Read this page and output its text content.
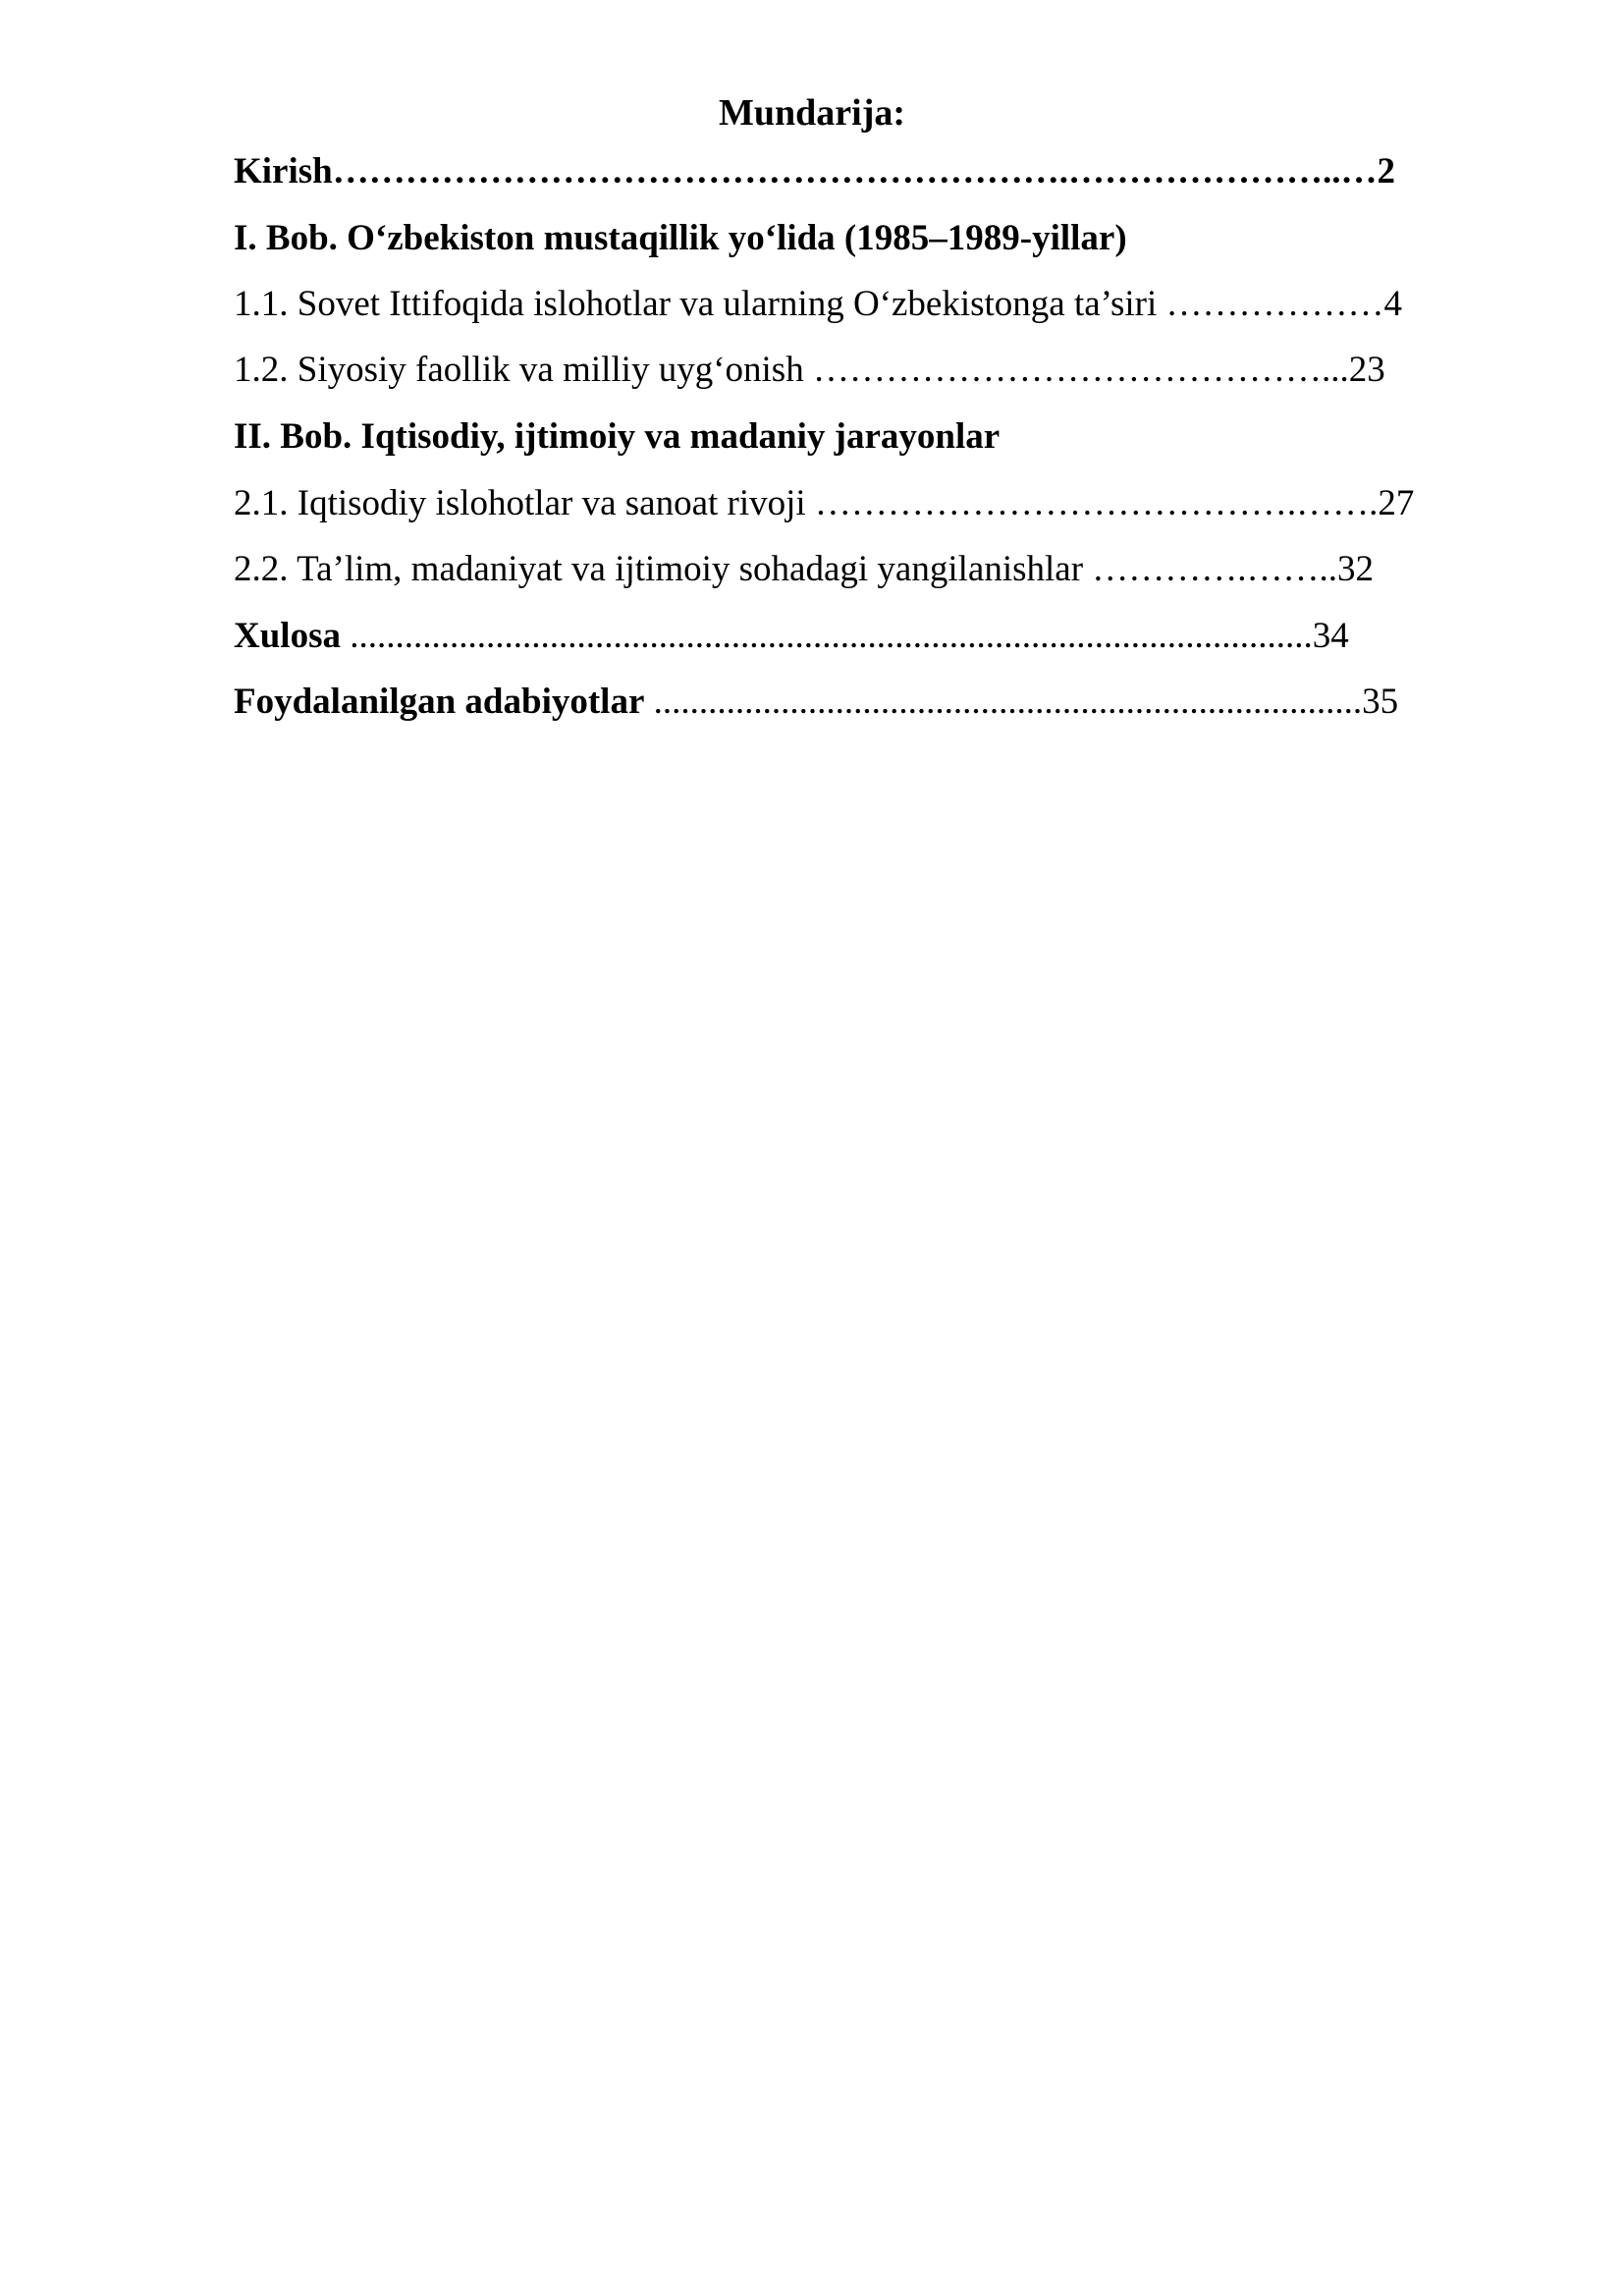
Mundarija:
Kirish…………………………………………………….…………………..…2
I. Bob. O‘zbekiston mustaqillik yo‘lida (1985–1989-yillar)
1.1. Sovet Ittifoqida islohotlar va ularning O‘zbekistonga ta’siri ………………4
1.2. Siyosiy faollik va milliy uyg‘onish ……………………………………...23
II. Bob. Iqtisodiy, ijtimoiy va madaniy jarayonlar
2.1. Iqtisodiy islohotlar va sanoat rivoji ………………………………….…….27
2.2. Ta’lim, madaniyat va ijtimoiy sohadagi yangilanishlar ………….……..32
Xulosa ..........................................................................................................34
Foydalanilgan adabiyotlar ..............................................................................35
